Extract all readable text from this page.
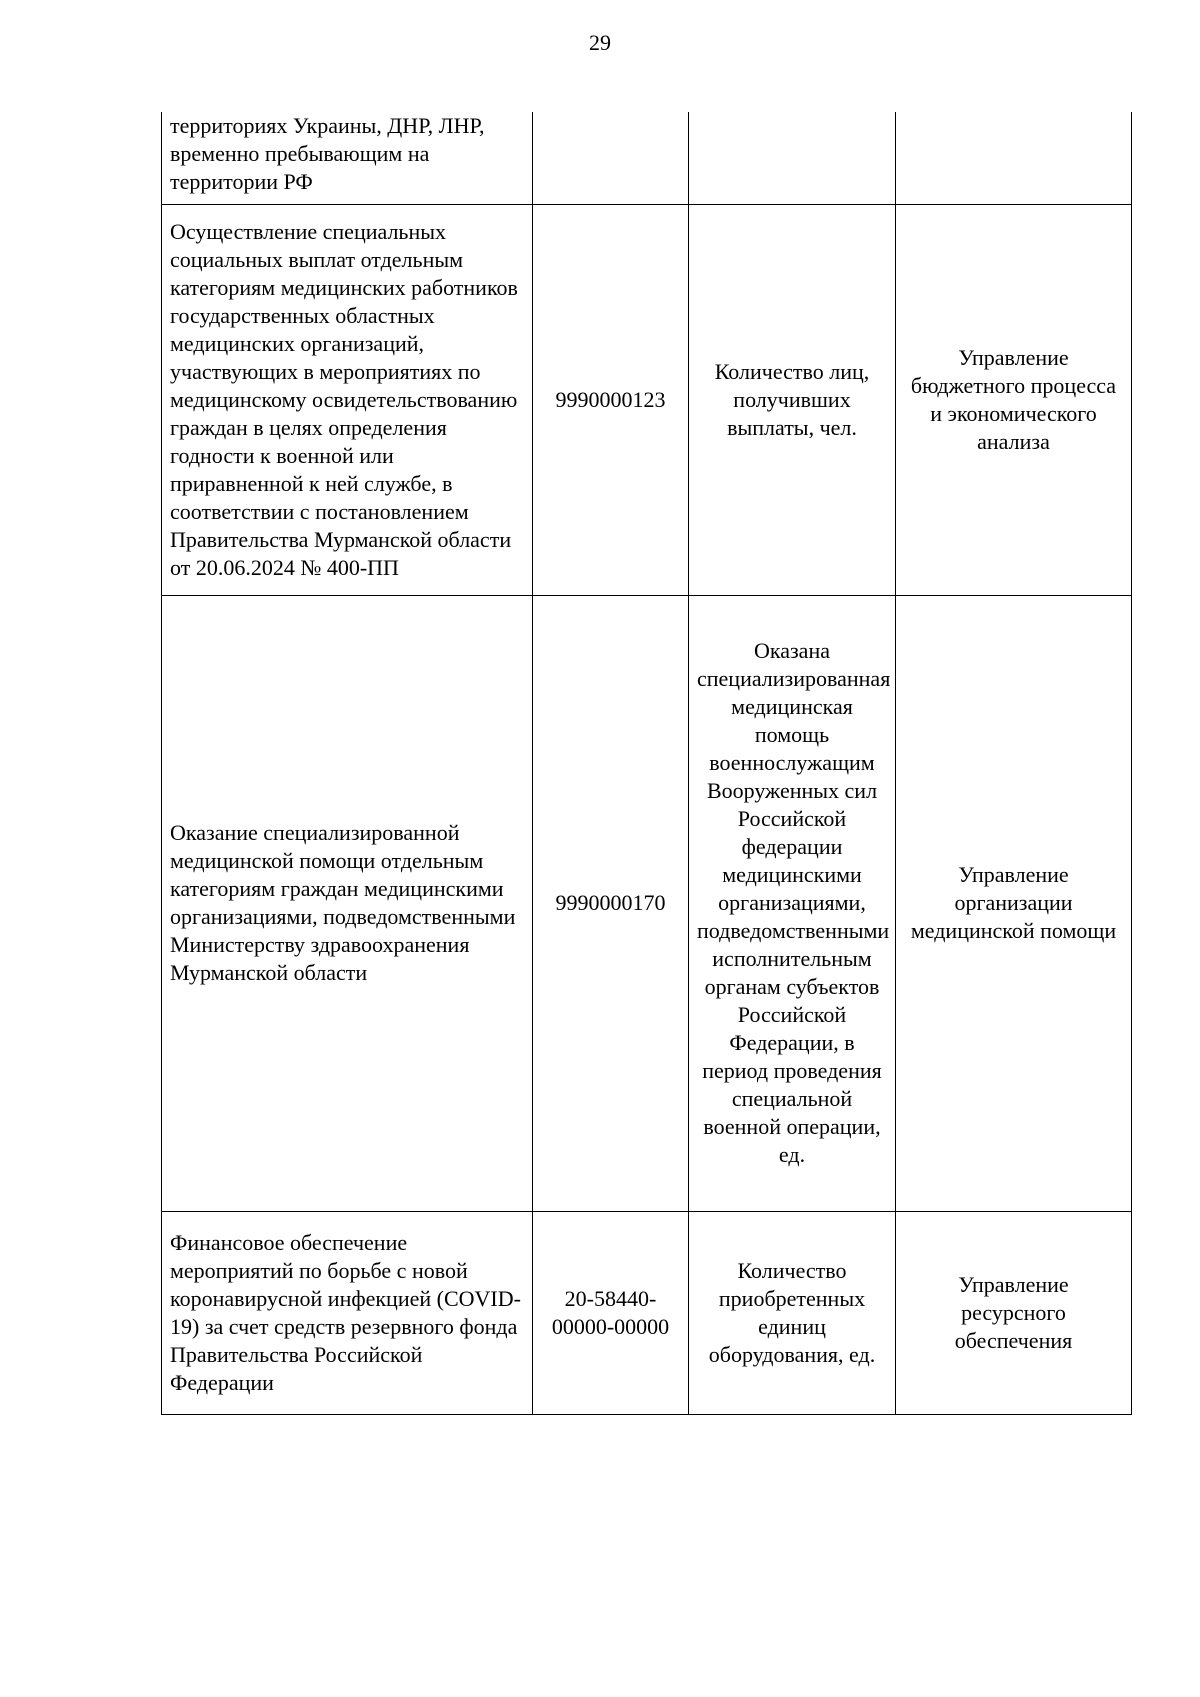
29
территориях Украины, ДНР, ЛНР, временно пребывающим на территории РФ			

Осуществление специальных социальных выплат отдельным категориям медицинских работников государственных областных медицинских организаций, участвующих в мероприятиях по медицинскому освидетельствованию граждан в целях определения годности к военной или приравненной к ней службе, в соответствии с постановлением Правительства Мурманской области от 20.06.2024 № 400-ПП	9990000123	Количество лиц, получивших выплаты, чел.	Управление бюджетного процесса и экономического анализа

Оказание специализированной медицинской помощи отдельным категориям граждан медицинскими организациями, подведомственными Министерству здравоохранения Мурманской области	9990000170	Оказана специализированная медицинская помощь военнослужащим Вооруженных сил Российской федерации медицинскими организациями, подведомственными исполнительным органам субъектов Российской Федерации, в период проведения специальной военной операции, ед.	Управление организации медицинской помощи

Финансовое обеспечение мероприятий по борьбе с новой коронавирусной инфекцией (COVID-19) за счет средств резервного фонда Правительства Российской Федерации	20-58440-00000-00000	Количество приобретенных единиц оборудования, ед.	Управление ресурсного обеспечения
